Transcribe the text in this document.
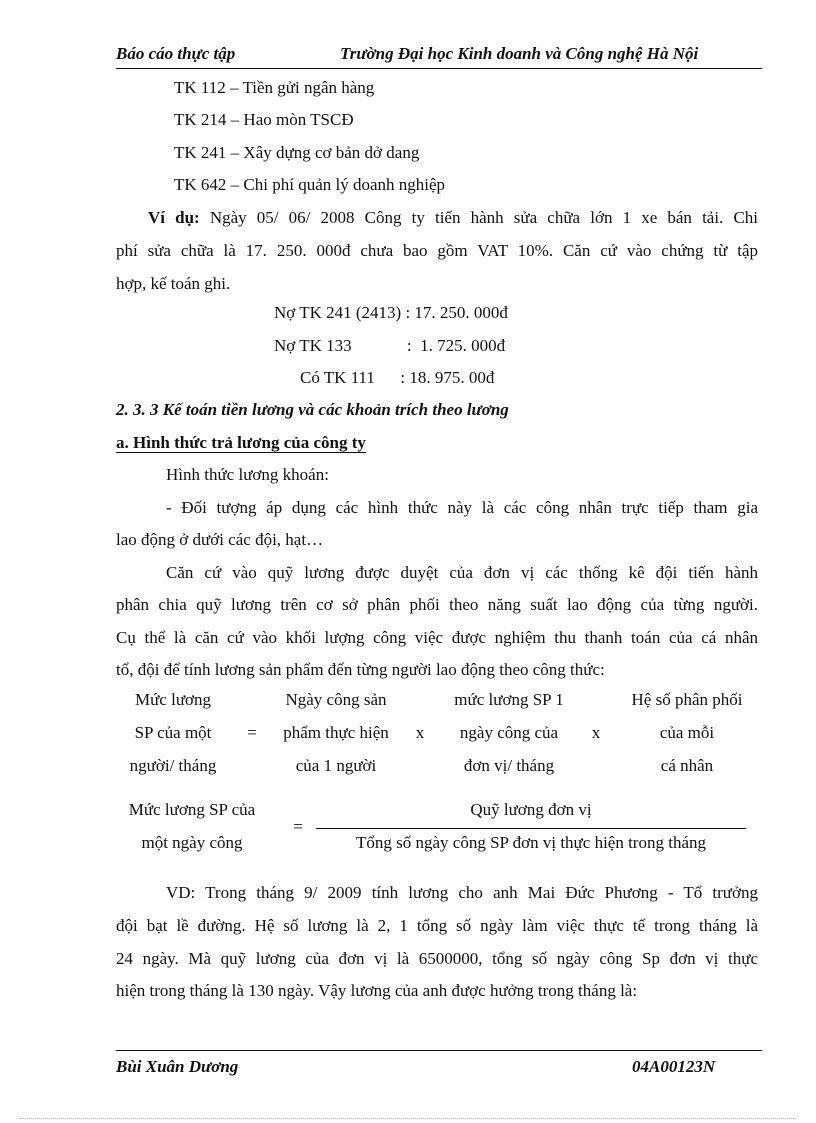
Báo cáo thực tập	Trường Đại học Kinh doanh và Công nghệ Hà Nội
TK 112 – Tiền gửi ngân hàng
TK 214 – Hao mòn TSCĐ
TK 241 – Xây dựng cơ bản dở dang
TK 642 – Chi phí quản lý doanh nghiệp
Ví dụ: Ngày 05/ 06/ 2008 Công ty tiến hành sửa chữa lớn 1 xe bán tải. Chi
phí sửa chữa là 17. 250. 000đ chưa bao gồm VAT 10%. Căn cứ vào chứng từ tập
hợp, kế toán ghi.
Nợ TK 241 (2413) : 17. 250. 000đ
Nợ TK 133             :  1. 725. 000đ
Có TK 111      : 18. 975. 00đ
2. 3. 3 Kế toán tiền lương và các khoản trích theo lương
a. Hình thức trả lương của công ty
Hình thức lương khoán:
- Đối tượng áp dụng các hình thức này là các công nhân trực tiếp tham gia
lao động ở dưới các đội, hạt…
Căn cứ vào quỹ lương được duyệt của đơn vị các thống kê đội tiến hành
phân chia quỹ lương trên cơ sở phân phối theo năng suất lao động của từng người.
Cụ thể là căn cứ vào khối lượng công việc được nghiệm thu thanh toán của cá nhân
tổ, đội để tính lương sản phẩm đến từng người lao động theo công thức:
Mức lương
SP của một
người/ tháng
=
Ngày công sản
phẩm thực hiện
của 1 người
x
mức lương SP 1
ngày công của
đơn vị/ tháng
x
Hệ số phân phối
của mỗi
cá nhân
Mức lương SP của
một ngày công
=
Quỹ lương đơn vị
Tổng số ngày công SP đơn vị thực hiện trong tháng
VD: Trong tháng 9/ 2009 tính lương cho anh Mai Đức Phương - Tổ trưởng
đội bạt lề đường. Hệ số lương là 2, 1 tổng số ngày làm việc thực tế trong tháng là
24 ngày. Mà quỹ lương của đơn vị là 6500000, tổng số ngày công Sp đơn vị thực
hiện trong tháng là 130 ngày. Vậy lương của anh được hưởng trong tháng là:
Bùi Xuân Dương	04A00123N
